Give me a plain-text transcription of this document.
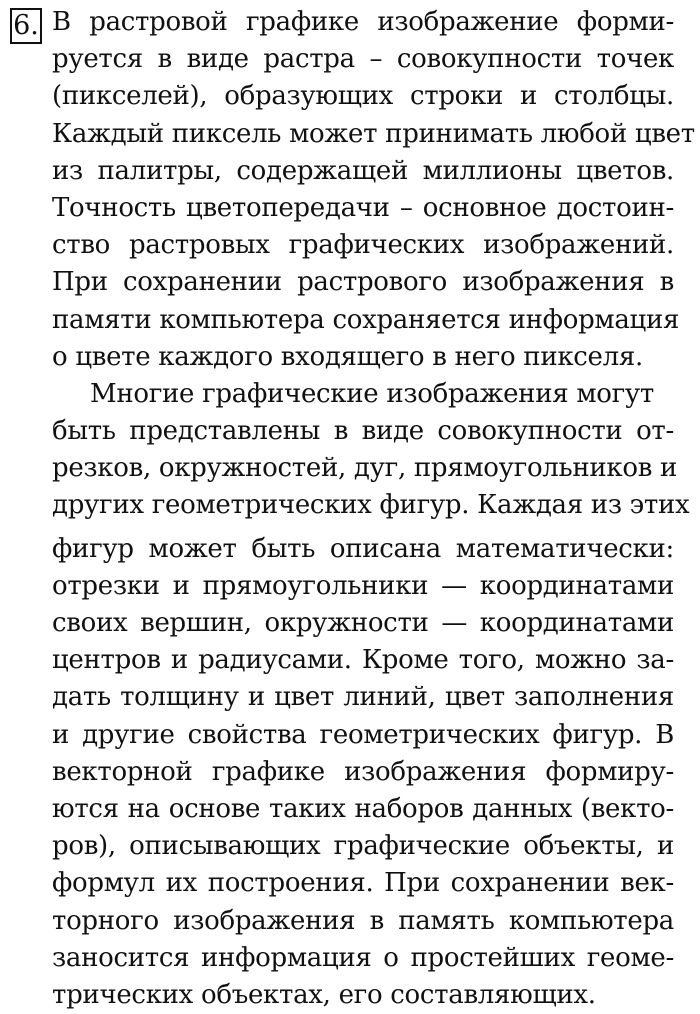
6. В растровой графике изображение форми-
руется в виде растра – совокупности точек
(пикселей), образующих строки и столбцы.
Каждый пиксель может принимать любой цвет
из палитры, содержащей миллионы цветов.
Точность цветопередачи – основное достоин-
ство растровых графических изображений.
При сохранении растрового изображения в
памяти компьютера сохраняется информация
о цвете каждого входящего в него пикселя.
Многие графические изображения могут
быть представлены в виде совокупности от-
резков, окружностей, дуг, прямоугольников и
других геометрических фигур. Каждая из этих
фигур может быть описана математически:
отрезки и прямоугольники — координатами
своих вершин, окружности — координатами
центров и радиусами. Кроме того, можно за-
дать толщину и цвет линий, цвет заполнения
и другие свойства геометрических фигур. В
векторной графике изображения формиру-
ются на основе таких наборов данных (векто-
ров), описывающих графические объекты, и
формул их построения. При сохранении век-
торного изображения в память компьютера
заносится информация о простейших геоме-
трических объектах, его составляющих.
